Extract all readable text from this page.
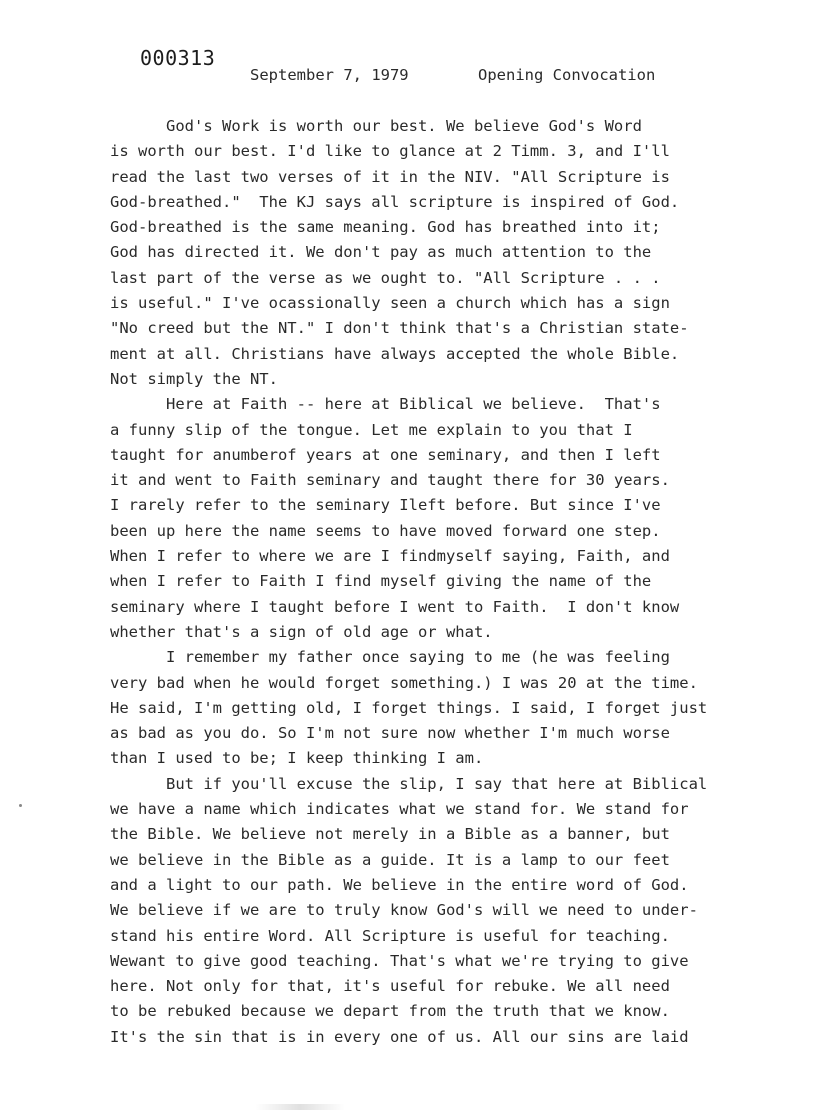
000313
September 7, 1979	Opening Convocation
God's Work is worth our best. We believe God's Word
is worth our best. I'd like to glance at 2 Timm. 3, and I'll
read the last two verses of it in the NIV. "All Scripture is
God-breathed."  The KJ says all scripture is inspired of God.
God-breathed is the same meaning. God has breathed into it;
God has directed it. We don't pay as much attention to the
last part of the verse as we ought to. "All Scripture . . .
is useful." I've ocassionally seen a church which has a sign
"No creed but the NT." I don't think that's a Christian state-
ment at all. Christians have always accepted the whole Bible.
Not simply the NT.
Here at Faith -- here at Biblical we believe.  That's
a funny slip of the tongue. Let me explain to you that I
taught for anumberof years at one seminary, and then I left
it and went to Faith seminary and taught there for 30 years.
I rarely refer to the seminary Ileft before. But since I've
been up here the name seems to have moved forward one step.
When I refer to where we are I findmyself saying, Faith, and
when I refer to Faith I find myself giving the name of the
seminary where I taught before I went to Faith.  I don't know
whether that's a sign of old age or what.
I remember my father once saying to me (he was feeling
very bad when he would forget something.) I was 20 at the time.
He said, I'm getting old, I forget things. I said, I forget just
as bad as you do. So I'm not sure now whether I'm much worse
than I used to be; I keep thinking I am.
But if you'll excuse the slip, I say that here at Biblical
we have a name which indicates what we stand for. We stand for
the Bible. We believe not merely in a Bible as a banner, but
we believe in the Bible as a guide. It is a lamp to our feet
and a light to our path. We believe in the entire word of God.
We believe if we are to truly know God's will we need to under-
stand his entire Word. All Scripture is useful for teaching.
Wewant to give good teaching. That's what we're trying to give
here. Not only for that, it's useful for rebuke. We all need
to be rebuked because we depart from the truth that we know.
It's the sin that is in every one of us. All our sins are laid
